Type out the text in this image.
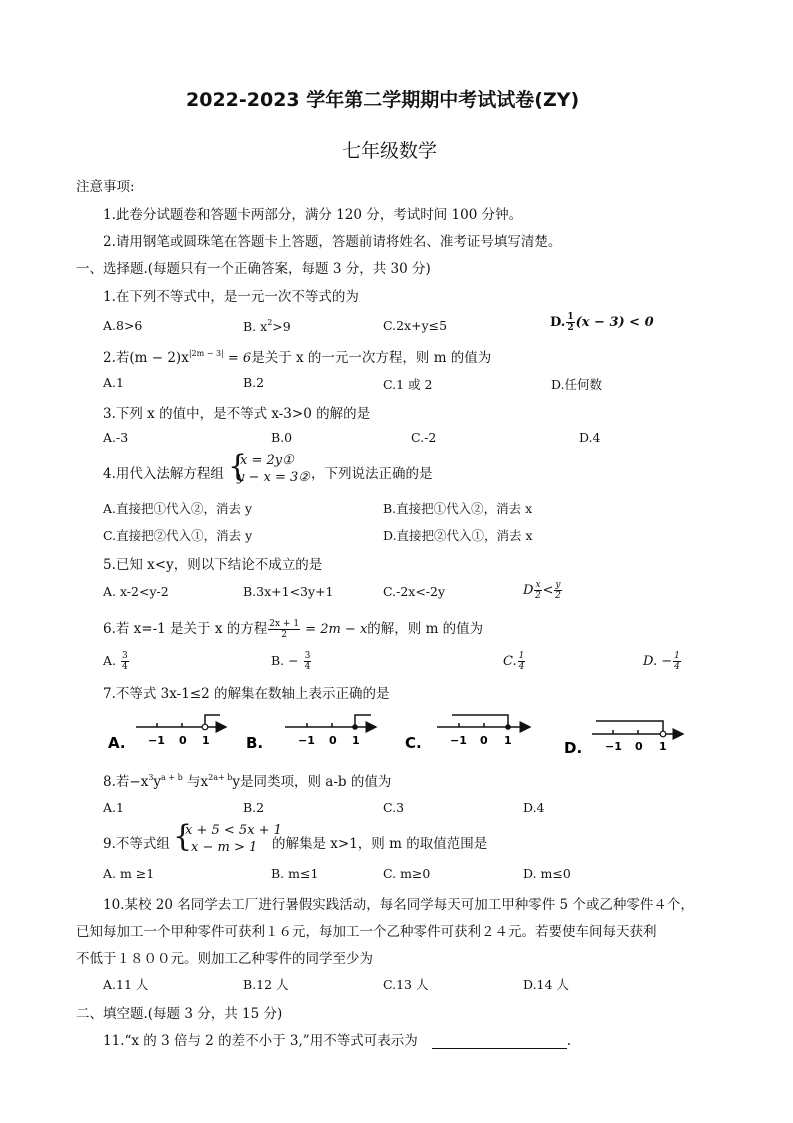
2022-2023 学年第二学期期中考试试卷(ZY)
七年级数学
注意事项:
1.此卷分试题卷和答题卡两部分，满分 120 分，考试时间 100 分钟。
2.请用钢笔或圆珠笔在答题卡上答题，答题前请将姓名、准考证号填写清楚。
一、选择题.(每题只有一个正确答案，每题 3 分，共 30 分)
1.在下列不等式中，是一元一次不等式的为
A.8>6	B. $x^2>9$	C.2x+y≤5	D. $\frac{1}{2} (x - 3) < 0$
2.若$(m - 2)x^{|2m - 3|} = 6$是关于 x 的一元一次方程，则 m 的值为
A.1	B.2	C.1 或 2	D.任何数
3.下列 x 的值中，是不等式 x-3>0 的解的是
A.-3	B.0	C.-2	D.4
4.用代入法解方程组 {
x = 2y①
y − x = 3② ，下列说法正确的是
A.直接把①代入②，消去 y	B.直接把①代入②，消去 x
C.直接把②代入①，消去 y	D.直接把②代入①，消去 x
5.已知 x<y，则以下结论不成立的是
A. x-2<y-2	B.3x+1<3y+1	C.-2x<-2y	D $\frac{x}{2} < \frac{y}{2}$
6.若 x=-1 是关于 x 的方程 $\frac{2x + 1}{2} = 2m - x$的解，则 m 的值为
A. $\frac{3}{4}$	B. − $\frac{3}{4}$	C. $\frac{1}{4}$	D. − $\frac{1}{4}$
7.不等式 3x-1≤2 的解集在数轴上表示正确的是
A. −1 0 1 B.	−1 0 1	C.	−1 0 1	D. −1 0 1
8.若$-x^3y^{a + b}$ 与$x^{2a+ b}y$是同类项，则 a-b 的值为
A.1	B.2	C.3	D.4
9.不等式组 {
x + 5 < 5x + 1
x − m > 1 的解集是 x>1，则 m 的取值范围是
A. m ≥1	B. m≤1	C. m≥0	D. m≤0
10.某校 20 名同学去工厂进行暑假实践活动，每名同学每天可加工甲种零件 5 个或乙种零件４个，
已知每加工一个甲种零件可获利１６元，每加工一个乙种零件可获利２４元。若要使车间每天获利
不低于１８００元。则加工乙种零件的同学至少为
A.11 人	B.12 人	C.13 人	D.14 人
二、填空题.(每题 3 分，共 15 分)
11.“x 的 3 倍与 2 的差不小于 3,”用不等式可表示为	.
